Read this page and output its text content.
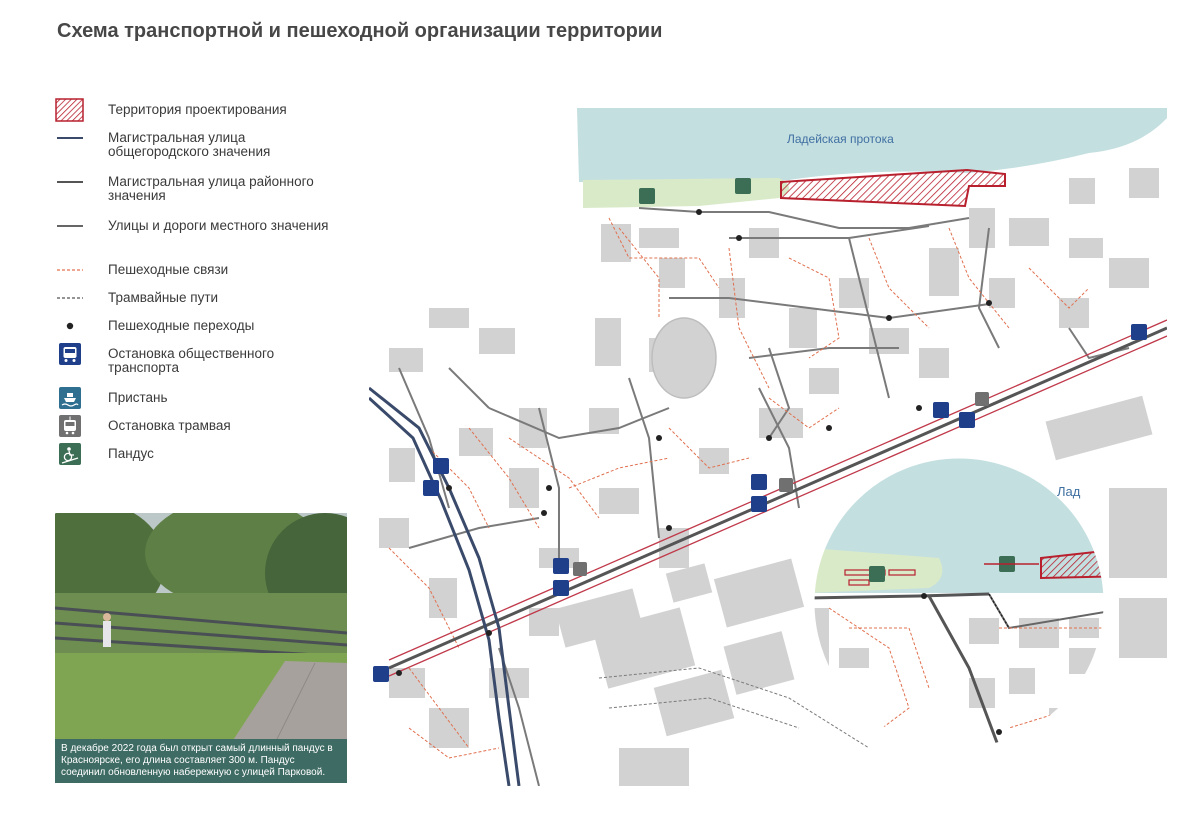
Схема транспортной и пешеходной организации территории
Территория проектирования
Магистральная улица общегородского значения
Магистральная улица районного значения
Улицы и дороги местного значения
Пешеходные связи
Трамвайные пути
Пешеходные переходы
Остановка общественного транспорта
Пристань
Остановка трамвая
Пандус
В декабре 2022 года был открыт самый длинный пандус в Красноярске, его длина составляет 300 м. Пандус соединил обновленную набережную с улицей Парковой.
Ладейская протока
Лад
